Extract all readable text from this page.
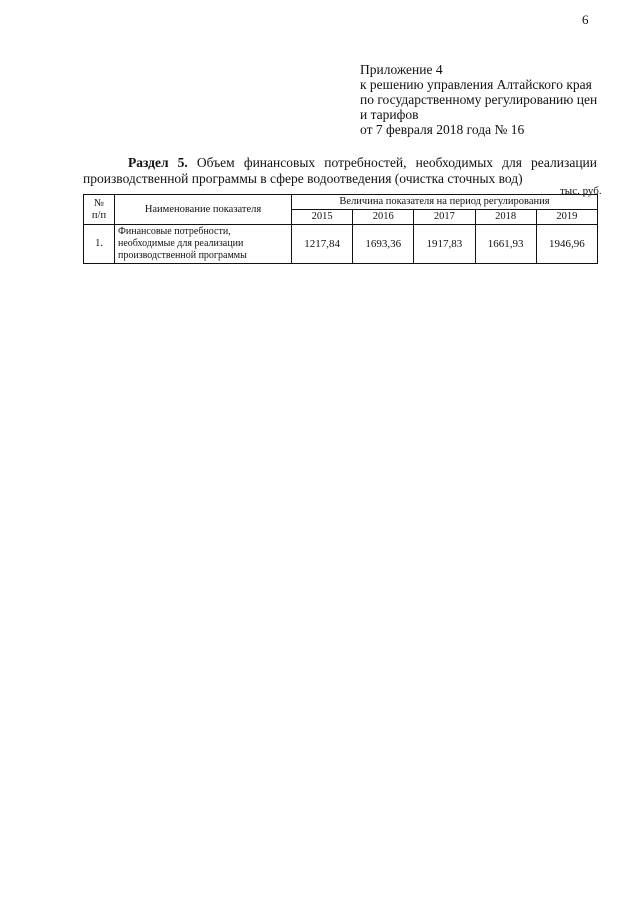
6
Приложение 4
к решению управления Алтайского края
по государственному регулированию цен
и тарифов
от 7 февраля 2018 года № 16
Раздел 5. Объем финансовых потребностей, необходимых для реализации производственной программы в сфере водоотведения (очистка сточных вод)
тыс. руб.
№
п/п	Наименование показателя	Величина показателя на период регулирования				
		2015	2016	2017	2018	2019
1.	Финансовые потребности, необходимые для реализации производственной программы	1217,84	1693,36	1917,83	1661,93	1946,96
